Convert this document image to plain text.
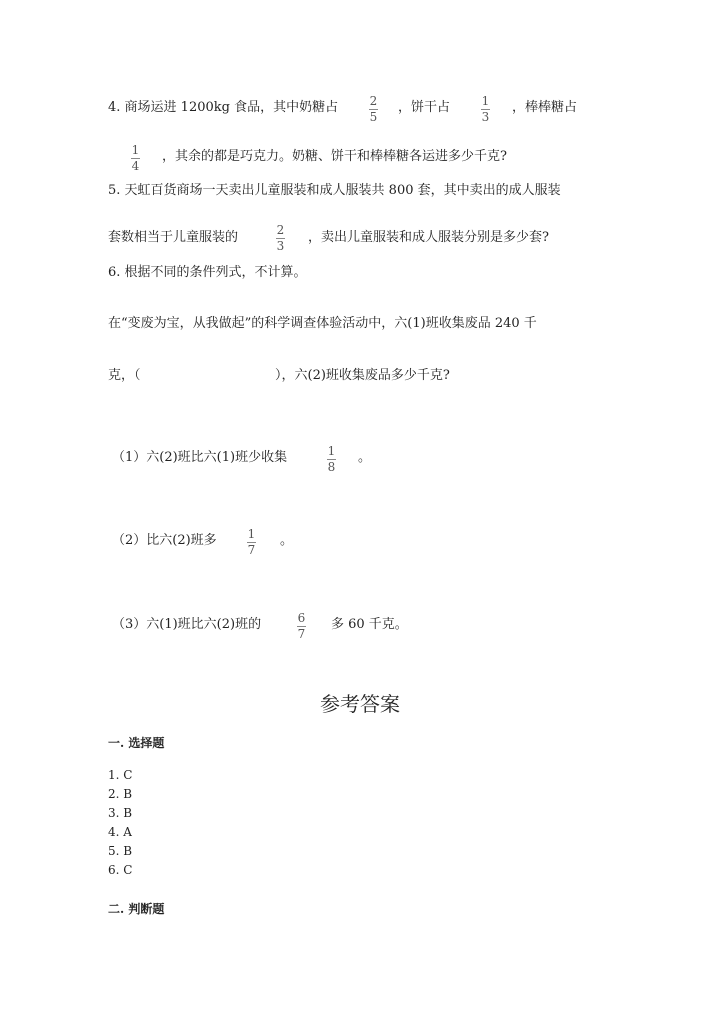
4. 商场运进 1200kg 食品，其中奶糖占	2
5
，饼干占	1
3
，棒棒糖占
1
4
，其余的都是巧克力。奶糖、饼干和棒棒糖各运进多少千克?
5. 天虹百货商场一天卖出儿童服装和成人服装共 800 套，其中卖出的成人服装
套数相当于儿童服装的	2
3
，卖出儿童服装和成人服装分别是多少套?
6. 根据不同的条件列式，不计算。
在“变废为宝，从我做起”的科学调查体验活动中，六(1)班收集废品 240 千
克，（	），六(2)班收集废品多少千克?
（1）六(2)班比六(1)班少收集	1
8
。
（2）比六(2)班多	1
7
。
（3）六(1)班比六(2)班的	6
7
多 60 千克。
参考答案
一. 选择题
1. C
2. B
3. B
4. A
5. B
6. C
二. 判断题
